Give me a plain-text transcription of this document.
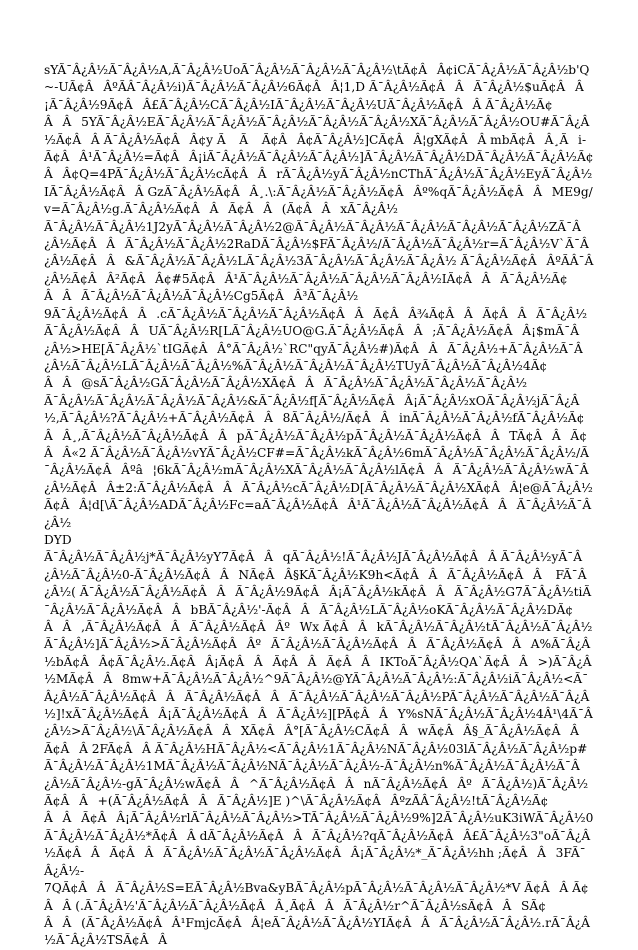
sYÃ¯Â¿Â½Ã¯Â¿Â½A,Ã¯Â¿Â½UoÃ¯Â¿Â½Ã¯Â¿Â½Ã¯Â¿Â½\tÃ¢ÂÂ¢iCÃ¯Â¿Â½Ã¯Â¿Â½b'Q~-UÃ¢ÂÂºÃÂ¯Â¿Â½i)Ã¯Â¿Â½Ã¯Â¿Â½6Ã¢ÂÂ¦1,D Ã¯Â¿Â½Ã¢ÂÂÃ¯Â¿Â½$uÃ¢ÂÂ¡Ã¯Â¿Â½9Ã¢ÂÂ£Ã¯Â¿Â½CÃ¯Â¿Â½IÃ¯Â¿Â½Ã¯Â¿Â½UÃ¯Â¿Â½Ã¢ÂÂ Ã¯Â¿Â½Ã¢ÂÂ5YÃ¯Â¿Â½EÃ¯Â¿Â½Ã¯Â¿Â½Ã¯Â¿Â½Ã¯Â¿Â½Ã¯Â¿Â½XÃ¯Â¿Â½Ã¯Â¿Â½OU#Ã¯Â¿Â½Ã¢ÂÂ Ã¯Â¿Â½Ã¢ÂÂ¢y Ã Ã Ã¢ÂÂ¢Ã¯Â¿Â½]CÃ¢ÂÂ¦gXÃ¢ÂÂ mbÃ¢ÂÂ¸Ãi-Ã¢ÂÂ¹Ã¯Â¿Â½=Ã¢ÂÂ¡iÃ¯Â¿Â½Ã¯Â¿Â½Ã¯Â¿Â½]Ã¯Â¿Â½Ã¯Â¿Â½DÃ¯Â¿Â½Ã¯Â¿Â½Ã¢ÂÂ¢Q=4PÃ¯Â¿Â½Ã¯Â¿Â½cÃ¢ÂÂrÃ¯Â¿Â½yÃ¯Â¿Â½nCThÃ¯Â¿Â½Ã¯Â¿Â½EyÃ¯Â¿Â½IÃ¯Â¿Â½Ã¢ÂÂ GzÃ¯Â¿Â½Ã¢ÂÂ¸.\:Ã¯Â¿Â½Ã¯Â¿Â½Ã¢ÂÂº%qÃ¯Â¿Â½Ã¢ÂÂME9g/v=Ã¯Â¿Â½g.Ã¯Â¿Â½Ã¢ÂÂÃ¢ÂÂ(Ã¢ÂÂxÃ¯Â¿Â½
Ã¯Â¿Â½Ã¯Â¿Â½1J2yÃ¯Â¿Â½Ã¯Â¿Â½2@Ã¯Â¿Â½Ã¯Â¿Â½Ã¯Â¿Â½Ã¯Â¿Â½Ã¯Â¿Â½ZÃ¯Â¿Â½Ã¢ÂÂÃ¯Â¿Â½Ã¯Â¿Â½2RaDÃ¯Â¿Â½$FÃ¯Â¿Â½/Ã¯Â¿Â½Ã¯Â¿Â½r=Ã¯Â¿Â½V`Ã¯Â¿Â½Ã¢ÂÂ&Ã¯Â¿Â½Ã¯Â¿Â½LÃ¯Â¿Â½3Ã¯Â¿Â½Ã¯Â¿Â½Ã¯Â¿Â½ Ã¯Â¿Â½Ã¢ÂÂºÃÂ¯Â¿Â½Ã¢ÂÂ²Ã¢ÂÂ¢#5Ã¢ÂÂ¹Ã¯Â¿Â½Ã¯Â¿Â½Ã¯Â¿Â½Ã¯Â¿Â½IÃ¢ÂÂÃ¯Â¿Â½Ã¢ÂÂÃ¯Â¿Â½Ã¯Â¿Â½Ã¯Â¿Â½Cg5Ã¢ÂÂ³Ã¯Â¿Â½
9Ã¯Â¿Â½Ã¢ÂÂ.cÃ¯Â¿Â½Ã¯Â¿Â½Ã¯Â¿Â½Ã¢ÂÂÃ¢ÂÂ¾Ã¢ÂÂÃ¢ÂÂÃ¯Â¿Â½Ã¯Â¿Â½Ã¢ÂÂUÃ¯Â¿Â½R[LÃ¯Â¿Â½UO@G.Ã¯Â¿Â½Ã¢ÂÂ;Ã¯Â¿Â½Ã¢ÂÂ¡$mÃ¯Â¿Â½>HE[Ã¯Â¿Â½`tIGÃ¢ÂÂ°Ã¯Â¿Â½`RC"qyÃ¯Â¿Â½#)Ã¢ÂÂÃ¯Â¿Â½+Ã¯Â¿Â½Ã¯Â¿Â½Ã¯Â¿Â½LÃ¯Â¿Â½Ã¯Â¿Â½%Ã¯Â¿Â½Ã¯Â¿Â½Ã¯Â¿Â½TUyÃ¯Â¿Â½Ã¯Â¿Â½4Ã¢ÂÂ@sÃ¯Â¿Â½GÃ¯Â¿Â½Ã¯Â¿Â½XÃ¢ÂÂÃ¯Â¿Â½Ã¯Â¿Â½Ã¯Â¿Â½Ã¯Â¿Â½
Ã¯Â¿Â½Ã¯Â¿Â½Ã¯Â¿Â½Ã¯Â¿Â½&Ã¯Â¿Â½f[Ã¯Â¿Â½Ã¢ÂÂ¡Ã¯Â¿Â½xOÃ¯Â¿Â½jÃ¯Â¿Â½,Ã¯Â¿Â½?Ã¯Â¿Â½+Ã¯Â¿Â½Ã¢ÂÂ8Ã¯Â¿Â½/Ã¢ÂÂinÃ¯Â¿Â½Ã¯Â¿Â½fÃ¯Â¿Â½Ã¢ÂÂ¸,Ã¯Â¿Â½Ã¯Â¿Â½Ã¢ÂÂpÃ¯Â¿Â½Ã¯Â¿Â½pÃ¯Â¿Â½Ã¯Â¿Â½Ã¢ÂÂTÃ¢ÂÂÃ¢ÂÂ«2 Ã¯Â¿Â½Ã¯Â¿Â½vYÃ¯Â¿Â½CF#=Ã¯Â¿Â½kÃ¯Â¿Â½6mÃ¯Â¿Â½Ã¯Â¿Â½Ã¯Â¿Â½/Ã¯Â¿Â½Ã¢ÂÂºâ¦6kÃ¯Â¿Â½mÃ¯Â¿Â½XÃ¯Â¿Â½Ã¯Â¿Â½lÃ¢ÂÂÃ¯Â¿Â½Ã¯Â¿Â½wÃ¯Â¿Â½Ã¢ÂÂ±2:Ã¯Â¿Â½Ã¢ÂÂÃ¯Â¿Â½cÃ¯Â¿Â½D[Ã¯Â¿Â½Ã¯Â¿Â½XÃ¢ÂÂ¦e@Ã¯Â¿Â½Ã¢ÂÂ¦d[\Ã¯Â¿Â½ADÃ¯Â¿Â½Fc=aÃ¯Â¿Â½Ã¢ÂÂ¹Ã¯Â¿Â½Ã¯Â¿Â½Ã¢ÂÂÃ¯Â¿Â½Ã¯Â¿Â½
DYD
Ã¯Â¿Â½Ã¯Â¿Â½j*Ã¯Â¿Â½yY7Ã¢ÂÂqÃ¯Â¿Â½!Ã¯Â¿Â½JÃ¯Â¿Â½Ã¢ÂÂ Ã¯Â¿Â½yÃ¯Â¿Â½Ã¯Â¿Â½0-Ã¯Â¿Â½Ã¢ÂÂNÃ¢ÂÂ§KÃ¯Â¿Â½K9h<Ã¢ÂÂÃ¯Â¿Â½Ã¢ÂÂ FÃ¯Â¿Â½( Ã¯Â¿Â½Ã¯Â¿Â½Ã¢ÂÂÃ¯Â¿Â½9Ã¢ÂÂ¡Ã¯Â¿Â½kÃ¢ÂÂÃ¯Â¿Â½G7Ã¯Â¿Â½tiÃ¯Â¿Â½Ã¯Â¿Â½Ã¢ÂÂbBÃ¯Â¿Â½'-Ã¢ÂÂÃ¯Â¿Â½LÃ¯Â¿Â½oKÃ¯Â¿Â½Ã¯Â¿Â½DÃ¢ÂÂ,Ã¯Â¿Â½Ã¢ÂÂÃ¯Â¿Â½Ã¢ÂÂºWx Ã¢ÂÂkÃ¯Â¿Â½Ã¯Â¿Â½tÃ¯Â¿Â½Ã¯Â¿Â½Ã¯Â¿Â½]Ã¯Â¿Â½>Ã¯Â¿Â½Ã¢ÂÂºÃ¯Â¿Â½Ã¯Â¿Â½Ã¢ÂÂÃ¯Â¿Â½Ã¢ÂÂA%Ã¯Â¿Â½bÃ¢ÂÂ¢Ã¯Â¿Â½.Ã¢ÂÂ¡Ã¢ÂÂÃ¢ÂÂÃ¢ÂÂIKToÃ¯Â¿Â½QA`Ã¢ÂÂ>)Ã¯Â¿Â½MÃ¢ÂÂ8mw+Ã¯Â¿Â½Ã¯Â¿Â½^9Ã¯Â¿Â½@YÃ¯Â¿Â½Ã¯Â¿Â½:Ã¯Â¿Â½iÃ¯Â¿Â½<Ã¯Â¿Â½Ã¯Â¿Â½Ã¢ÂÂÃ¯Â¿Â½Ã¢ÂÂÃ¯Â¿Â½Ã¯Â¿Â½Ã¯Â¿Â½PÃ¯Â¿Â½Ã¯Â¿Â½Ã¯Â¿Â½]!xÃ¯Â¿Â½Ã¢ÂÂ¡Ã¯Â¿Â½Ã¢ÂÂÃ¯Â¿Â½][PÃ¢ÂÂY%sNÃ¯Â¿Â½Ã¯Â¿Â½4Â¹\4Ã¯Â¿Â½>Ã¯Â¿Â½\Ã¯Â¿Â½Ã¢ÂÂXÃ¢ÂÂ°[Ã¯Â¿Â½CÃ¢ÂÂwÃ¢ÂÂ§_Ã¯Â¿Â½Ã¢ÂÂ Ã¢ÂÂ 2FÃ¢ÂÂ Ã¯Â¿Â½HÃ¯Â¿Â½<Ã¯Â¿Â½1Ã¯Â¿Â½NÃ¯Â¿Â½03lÃ¯Â¿Â½Ã¯Â¿Â½p#Ã¯Â¿Â½Ã¯Â¿Â½1MÃ¯Â¿Â½Ã¯Â¿Â½NÃ¯Â¿Â½Ã¯Â¿Â½-Ã¯Â¿Â½n%Ã¯Â¿Â½Ã¯Â¿Â½Ã¯Â¿Â½Ã¯Â¿Â½-gÃ¯Â¿Â½wÃ¢ÂÂ^Ã¯Â¿Â½Ã¢ÂÂnÃ¯Â¿Â½Ã¢ÂÂºÃ¯Â¿Â½)Ã¯Â¿Â½Ã¢ÂÂ+(Ã¯Â¿Â½Ã¢ÂÂÃ¯Â¿Â½]E )^\Ã¯Â¿Â½Ã¢ÂÂºzÃÂ¯Â¿Â½!tÃ¯Â¿Â½Ã¢ÂÂÃ¢ÂÂ¡Ã¯Â¿Â½rlÃ¯Â¿Â½Ã¯Â¿Â½>TÃ¯Â¿Â½Ã¯Â¿Â½9%]2Ã¯Â¿Â½uK3iWÃ¯Â¿Â½0Ã¯Â¿Â½Ã¯Â¿Â½*Ã¢ÂÂ dÃ¯Â¿Â½Ã¢ÂÂÃ¯Â¿Â½?qÃ¯Â¿Â½Ã¢ÂÂ£Ã¯Â¿Â½3"oÃ¯Â¿Â½Ã¢ÂÂÃ¢ÂÂÃ¯Â¿Â½Ã¯Â¿Â½Ã¯Â¿Â½Ã¢ÂÂ¡Ã¯Â¿Â½*_Ã¯Â¿Â½hh ;Ã¢ÂÂ3FÃ¯Â¿Â½-
7QÃ¢ÂÂÃ¯Â¿Â½S=EÃ¯Â¿Â½Bva&yBÃ¯Â¿Â½pÃ¯Â¿Â½Ã¯Â¿Â½Ã¯Â¿Â½*V Ã¢ÂÂ Ã¢ÂÂ (.Ã¯Â¿Â½'Ã¯Â¿Â½Ã¯Â¿Â½Ã¢ÂÂ¸Ã¢ÂÂÃ¯Â¿Â½r^Ã¯Â¿Â½sÃ¢ÂÂSÃ¢ÂÂ(Ã¯Â¿Â½Ã¢ÂÂ¹FmjcÃ¢ÂÂ¦eÃ¯Â¿Â½Ã¯Â¿Â½YIÃ¢ÂÂÃ¯Â¿Â½Ã¯Â¿Â½.rÃ¯Â¿Â½Ã¯Â¿Â½TSÃ¢ÂÂ
